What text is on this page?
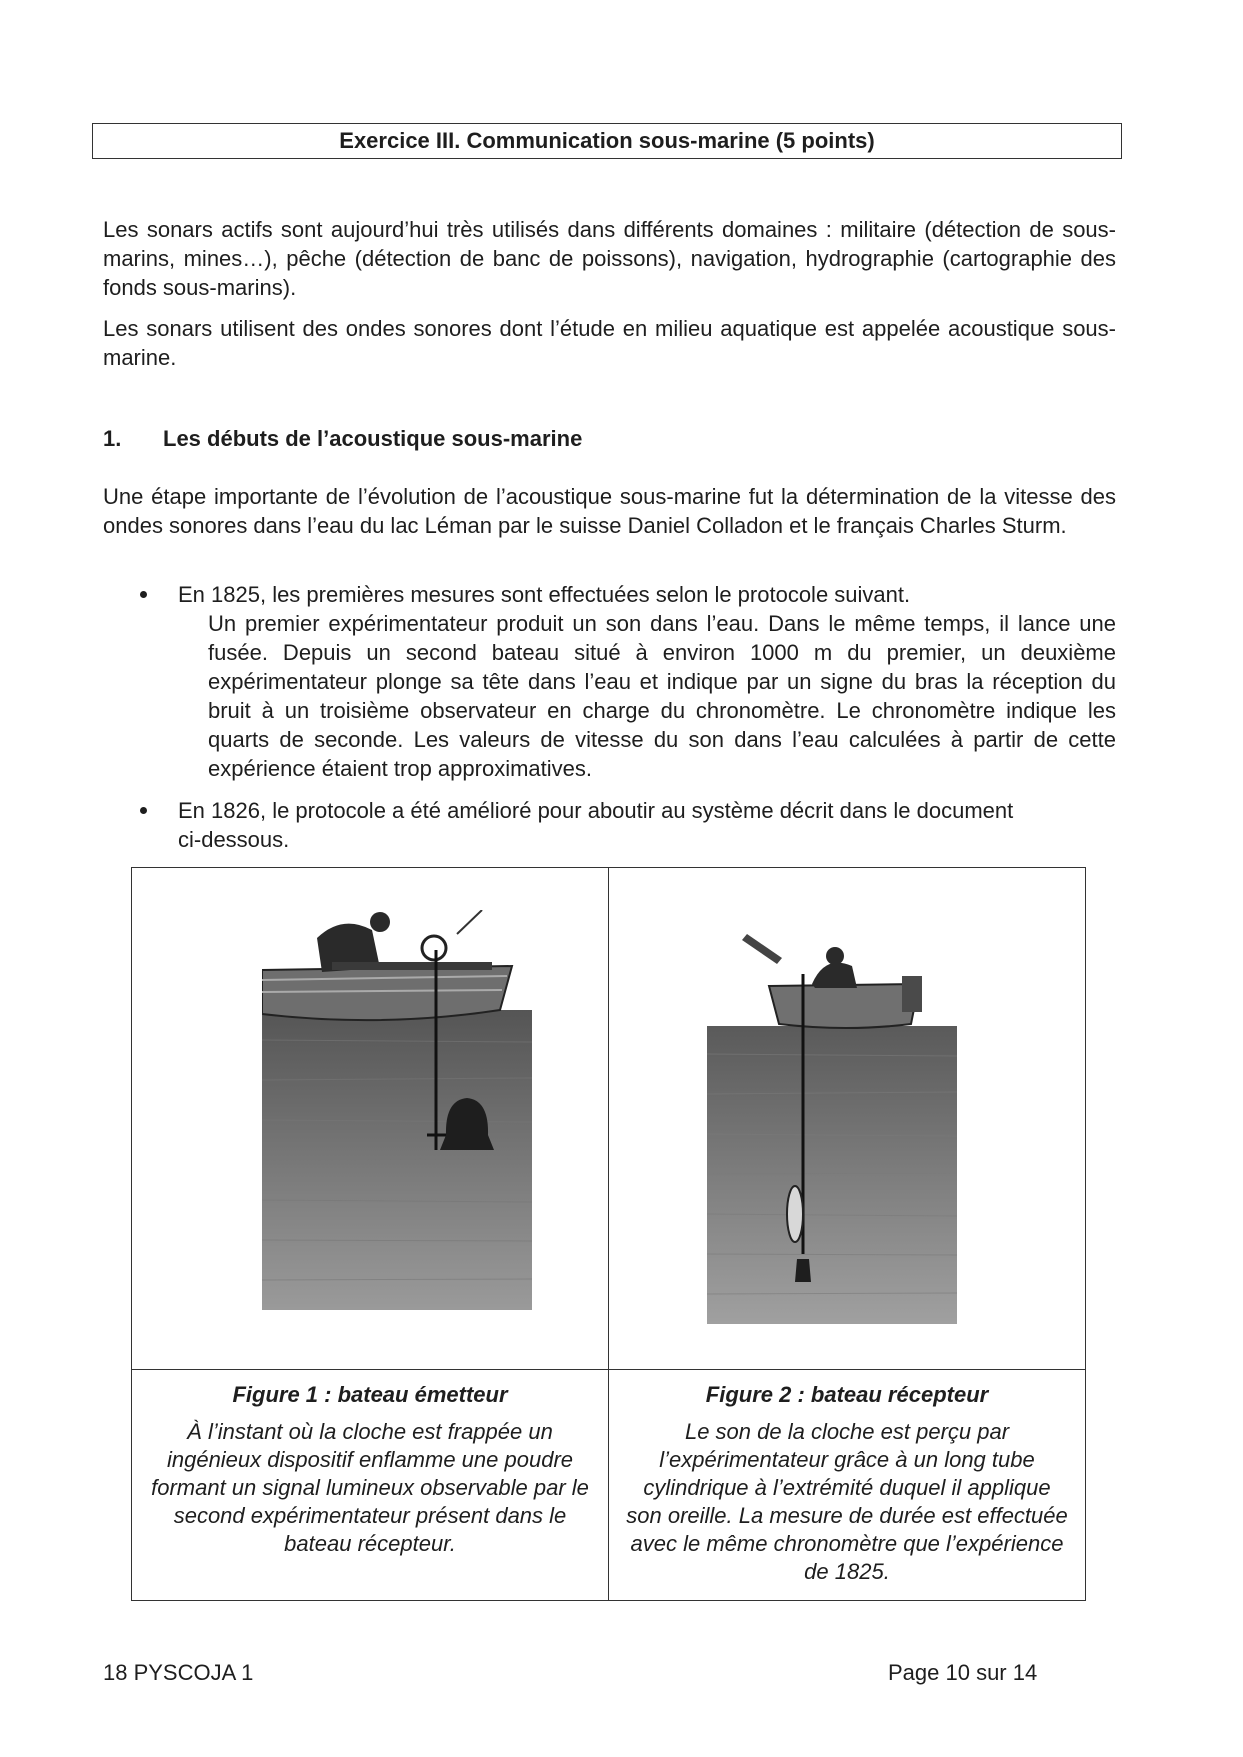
Exercice III. Communication sous-marine (5 points)

Les sonars actifs sont aujourd’hui très utilisés dans différents domaines : militaire (détection de sous-marins, mines…), pêche (détection de banc de poissons), navigation, hydrographie (cartographie des fonds sous-marins).

Les sonars utilisent des ondes sonores dont l’étude en milieu aquatique est appelée acoustique sous-marine.

1. Les débuts de l’acoustique sous-marine

Une étape importante de l’évolution de l’acoustique sous-marine fut la détermination de la vitesse des ondes sonores dans l’eau du lac Léman par le suisse Daniel Colladon et le français Charles Sturm.

En 1825, les premières mesures sont effectuées selon le protocole suivant.
Un premier expérimentateur produit un son dans l’eau. Dans le même temps, il lance une fusée. Depuis un second bateau situé à environ 1000 m du premier, un deuxième expérimentateur plonge sa tête dans l’eau et indique par un signe du bras la réception du bruit à un troisième observateur en charge du chronomètre. Le chronomètre indique les quarts de seconde. Les valeurs de vitesse du son dans l’eau calculées à partir de cette expérience étaient trop approximatives.
En 1826, le protocole a été amélioré pour aboutir au système décrit dans le document
ci-dessous.
Figure 1 : bateau émetteur
À l’instant où la cloche est frappée un ingénieux dispositif enflamme une poudre formant un signal lumineux observable par le second expérimentateur présent dans le bateau récepteur.
Figure 2 : bateau récepteur
Le son de la cloche est perçu par l’expérimentateur grâce à un long tube cylindrique à l’extrémité duquel il applique son oreille. La mesure de durée est effectuée avec le même chronomètre que l’expérience de 1825.
18 PYSCOJA 1	Page 10 sur 14
